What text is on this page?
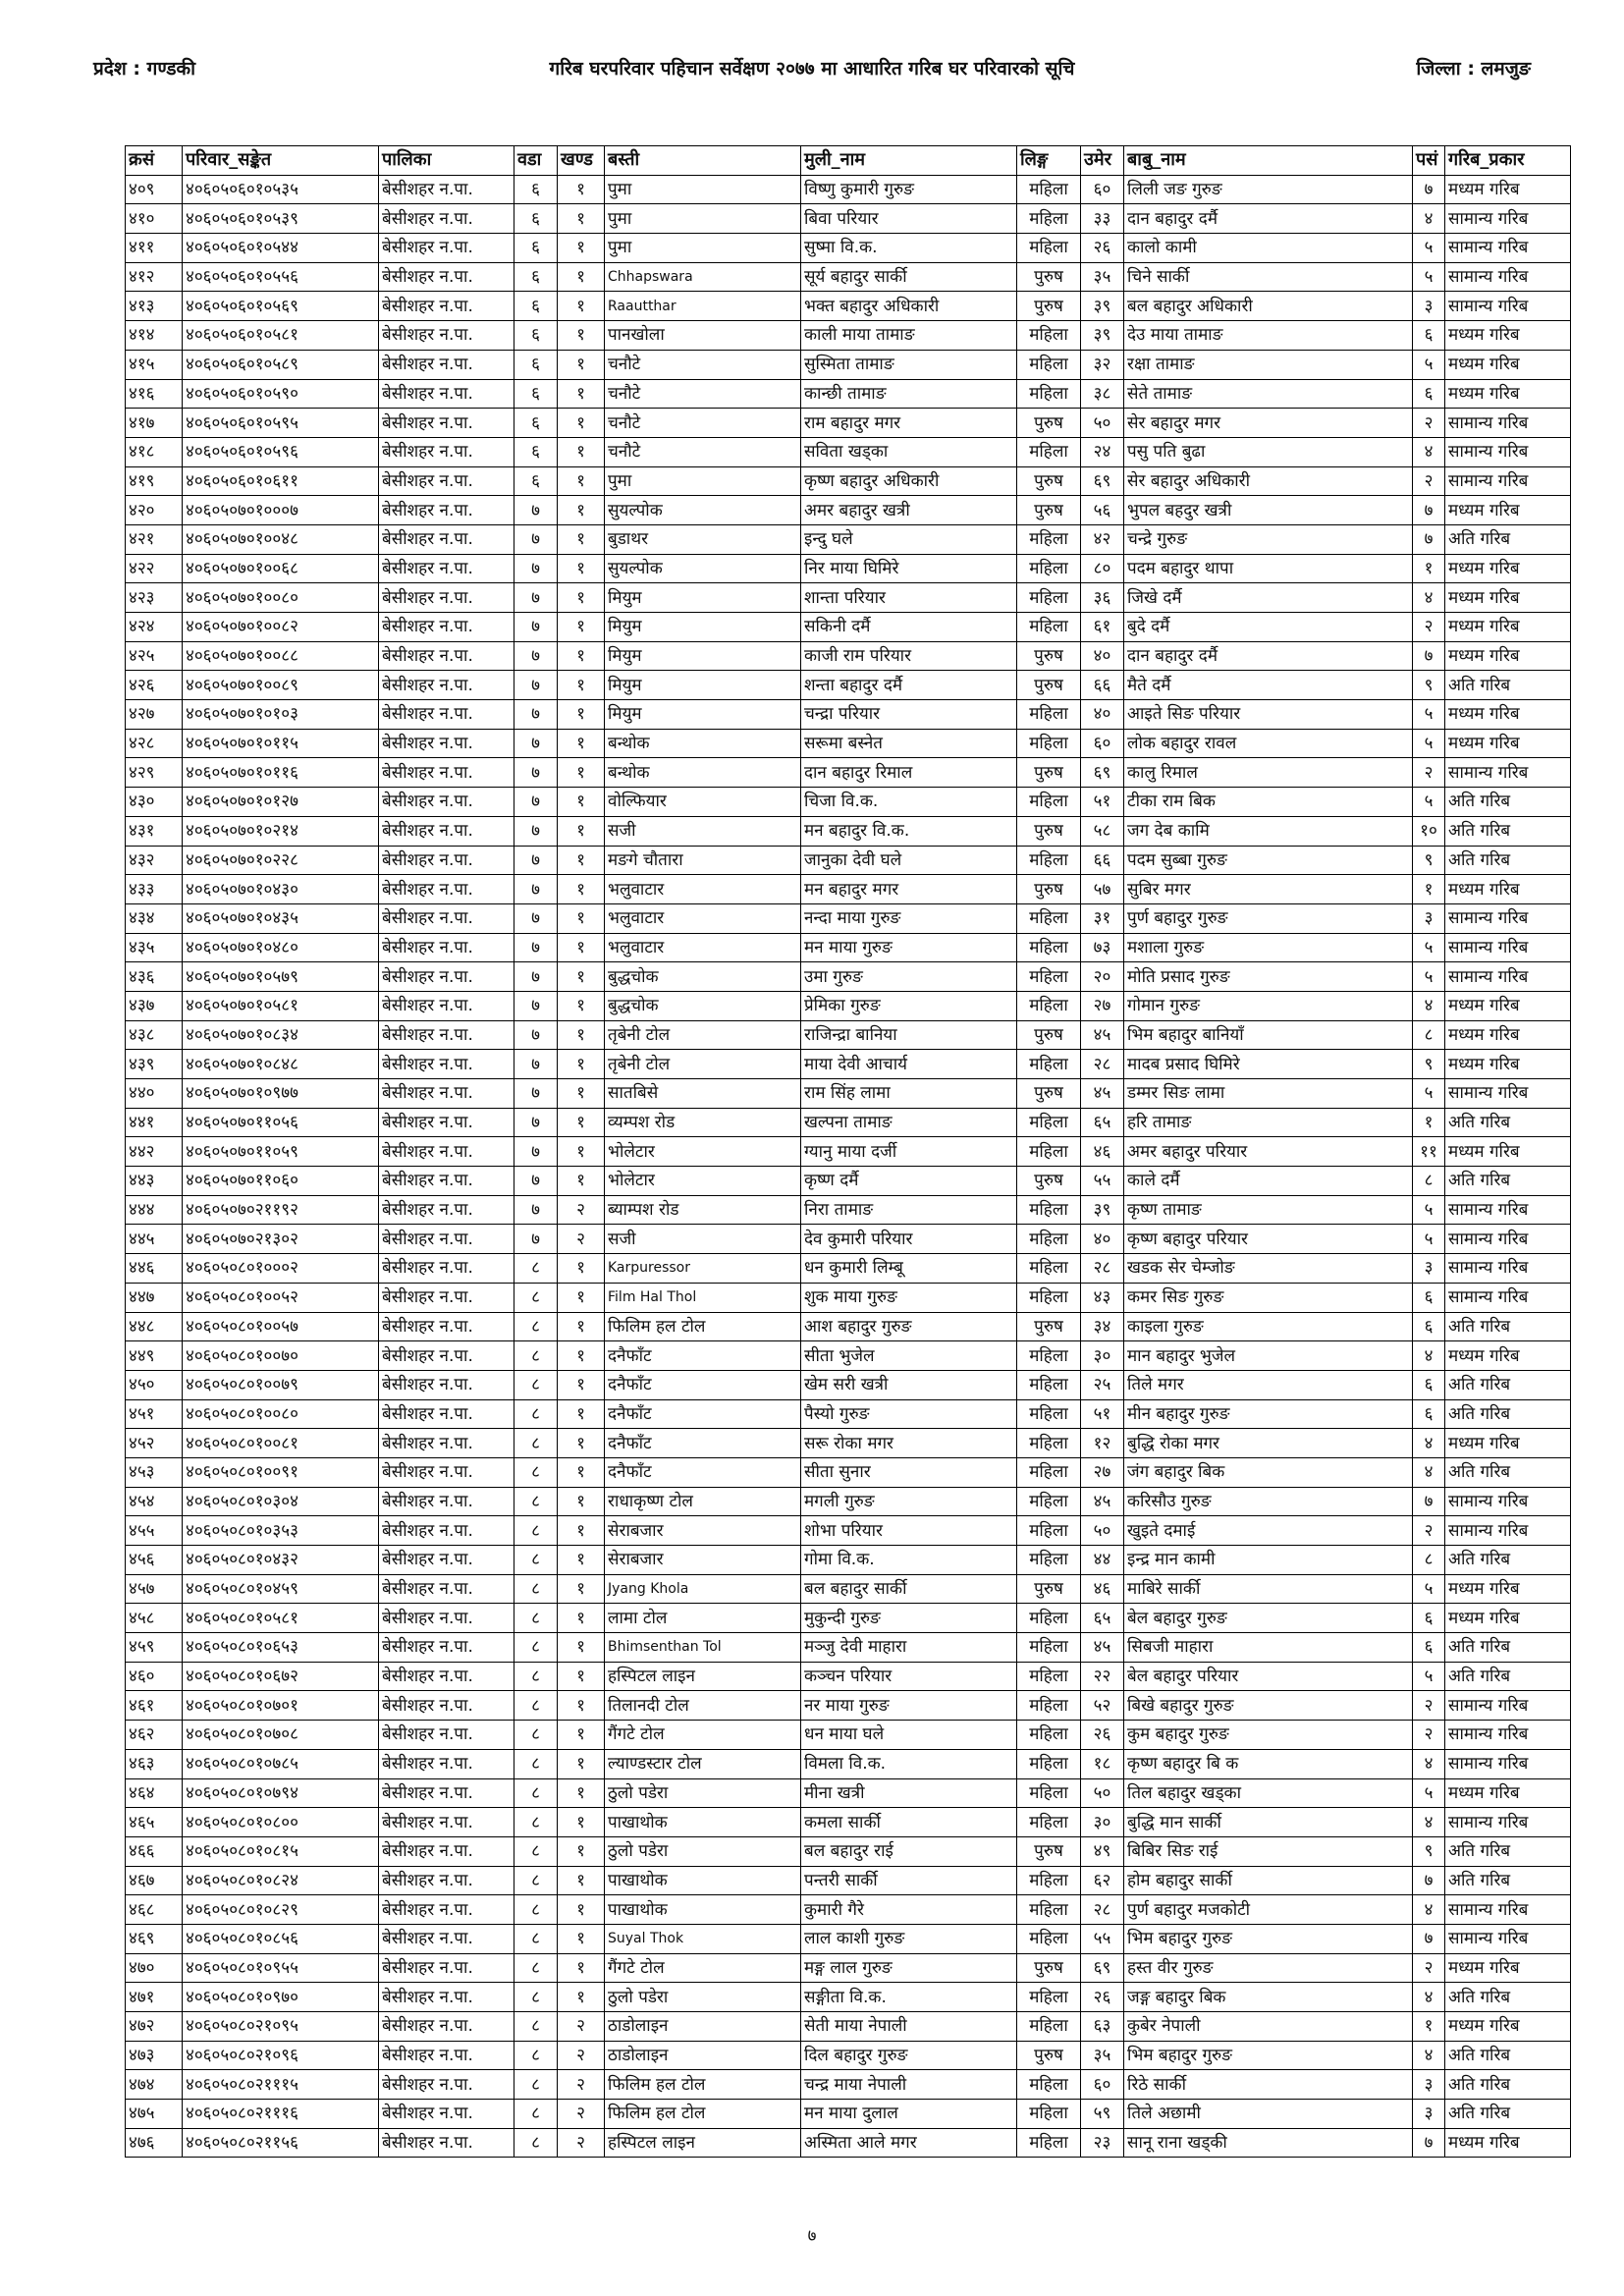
प्रदेश : गण्डकी	गरिब घरपरिवार पहिचान सर्वेक्षण २०७७ मा आधारित गरिब घर परिवारको सूचि	जिल्ला : लमजुङ
क्रसं	परिवार_सङ्केत	पालिका	वडा	खण्ड	बस्ती	मुली_नाम	लिङ्ग	उमेर	बाबु_नाम	पसं	गरिब_प्रकार
४०९	४०६०५०६०१०५३५	बेसीशहर न.पा.	६	१	पुमा	विष्णु कुमारी गुरुङ	महिला	६०	लिली जङ गुरुङ	७	मध्यम गरिब
४१०	४०६०५०६०१०५३९	बेसीशहर न.पा.	६	१	पुमा	बिवा परियार	महिला	३३	दान बहादुर दर्मै	४	सामान्य गरिब
४११	४०६०५०६०१०५४४	बेसीशहर न.पा.	६	१	पुमा	सुष्मा वि.क.	महिला	२६	कालो कामी	५	सामान्य गरिब
४१२	४०६०५०६०१०५५६	बेसीशहर न.पा.	६	१	Chhapswara	सूर्य बहादुर सार्की	पुरुष	३५	चिने सार्की	५	सामान्य गरिब
४१३	४०६०५०६०१०५६९	बेसीशहर न.पा.	६	१	Raautthar	भक्त बहादुर अधिकारी	पुरुष	३९	बल बहादुर अधिकारी	३	सामान्य गरिब
४१४	४०६०५०६०१०५८१	बेसीशहर न.पा.	६	१	पानखोला	काली माया तामाङ	महिला	३९	देउ माया तामाङ	६	मध्यम गरिब
४१५	४०६०५०६०१०५८९	बेसीशहर न.पा.	६	१	चनौटे	सुस्मिता तामाङ	महिला	३२	रक्षा तामाङ	५	मध्यम गरिब
४१६	४०६०५०६०१०५९०	बेसीशहर न.पा.	६	१	चनौटे	कान्छी तामाङ	महिला	३८	सेते तामाङ	६	मध्यम गरिब
४१७	४०६०५०६०१०५९५	बेसीशहर न.पा.	६	१	चनौटे	राम बहादुर मगर	पुरुष	५०	सेर बहादुर मगर	२	सामान्य गरिब
४१८	४०६०५०६०१०५९६	बेसीशहर न.पा.	६	१	चनौटे	सविता खड्का	महिला	२४	पसु पति बुढा	४	सामान्य गरिब
४१९	४०६०५०६०१०६११	बेसीशहर न.पा.	६	१	पुमा	कृष्ण बहादुर अधिकारी	पुरुष	६९	सेर बहादुर अधिकारी	२	सामान्य गरिब
४२०	४०६०५०७०१०००७	बेसीशहर न.पा.	७	१	सुयल्पोक	अमर बहादुर खत्री	पुरुष	५६	भुपल बहदुर खत्री	७	मध्यम गरिब
४२१	४०६०५०७०१००४८	बेसीशहर न.पा.	७	१	बुडाथर	इन्दु घले	महिला	४२	चन्द्रे गुरुङ	७	अति गरिब
४२२	४०६०५०७०१००६८	बेसीशहर न.पा.	७	१	सुयल्पोक	निर माया घिमिरे	महिला	८०	पदम बहादुर थापा	१	मध्यम गरिब
४२३	४०६०५०७०१००८०	बेसीशहर न.पा.	७	१	मियुम	शान्ता परियार	महिला	३६	जिखे दर्मै	४	मध्यम गरिब
४२४	४०६०५०७०१००८२	बेसीशहर न.पा.	७	१	मियुम	सकिनी दर्मै	महिला	६१	बुदे दर्मै	२	मध्यम गरिब
४२५	४०६०५०७०१००८८	बेसीशहर न.पा.	७	१	मियुम	काजी राम परियार	पुरुष	४०	दान बहादुर दर्मै	७	मध्यम गरिब
४२६	४०६०५०७०१००८९	बेसीशहर न.पा.	७	१	मियुम	शन्ता बहादुर दर्मै	पुरुष	६६	मैते दर्मै	९	अति गरिब
४२७	४०६०५०७०१०१०३	बेसीशहर न.पा.	७	१	मियुम	चन्द्रा परियार	महिला	४०	आइते सिङ परियार	५	मध्यम गरिब
४२८	४०६०५०७०१०११५	बेसीशहर न.पा.	७	१	बन्थोक	सरूमा बस्नेत	महिला	६०	लोक बहादुर रावल	५	मध्यम गरिब
४२९	४०६०५०७०१०११६	बेसीशहर न.पा.	७	१	बन्थोक	दान बहादुर रिमाल	पुरुष	६९	कालु रिमाल	२	सामान्य गरिब
४३०	४०६०५०७०१०१२७	बेसीशहर न.पा.	७	१	वोल्फियार	चिजा वि.क.	महिला	५१	टीका राम बिक	५	अति गरिब
४३१	४०६०५०७०१०२१४	बेसीशहर न.पा.	७	१	सजी	मन बहादुर वि.क.	पुरुष	५८	जग देब कामि	१०	अति गरिब
४३२	४०६०५०७०१०२२८	बेसीशहर न.पा.	७	१	मङगे चौतारा	जानुका देवी घले	महिला	६६	पदम सुब्बा गुरुङ	९	अति गरिब
४३३	४०६०५०७०१०४३०	बेसीशहर न.पा.	७	१	भलुवाटार	मन बहादुर मगर	पुरुष	५७	सुबिर मगर	१	मध्यम गरिब
४३४	४०६०५०७०१०४३५	बेसीशहर न.पा.	७	१	भलुवाटार	नन्दा माया गुरुङ	महिला	३१	पुर्ण बहादुर गुरुङ	३	सामान्य गरिब
४३५	४०६०५०७०१०४८०	बेसीशहर न.पा.	७	१	भलुवाटार	मन माया गुरुङ	महिला	७३	मशाला गुरुङ	५	सामान्य गरिब
४३६	४०६०५०७०१०५७९	बेसीशहर न.पा.	७	१	बुद्धचोक	उमा गुरुङ	महिला	२०	मोति प्रसाद गुरुङ	५	सामान्य गरिब
४३७	४०६०५०७०१०५८१	बेसीशहर न.पा.	७	१	बुद्धचोक	प्रेमिका गुरुङ	महिला	२७	गोमान गुरुङ	४	मध्यम गरिब
४३८	४०६०५०७०१०८३४	बेसीशहर न.पा.	७	१	तृबेनी टोल	राजिन्द्रा बानिया	पुरुष	४५	भिम बहादुर बानियाँ	८	मध्यम गरिब
४३९	४०६०५०७०१०८४८	बेसीशहर न.पा.	७	१	तृबेनी टोल	माया देवी आचार्य	महिला	२८	मादब प्रसाद घिमिरे	९	मध्यम गरिब
४४०	४०६०५०७०१०९७७	बेसीशहर न.पा.	७	१	सातबिसे	राम सिंह लामा	पुरुष	४५	डम्मर सिङ लामा	५	सामान्य गरिब
४४१	४०६०५०७०११०५६	बेसीशहर न.पा.	७	१	व्यम्पश रोड	खल्पना तामाङ	महिला	६५	हरि तामाङ	१	अति गरिब
४४२	४०६०५०७०११०५९	बेसीशहर न.पा.	७	१	भोलेटार	ग्यानु माया दर्जी	महिला	४६	अमर बहादुर परियार	११	मध्यम गरिब
४४३	४०६०५०७०११०६०	बेसीशहर न.पा.	७	१	भोलेटार	कृष्ण दर्मै	पुरुष	५५	काले दर्मै	८	अति गरिब
४४४	४०६०५०७०२११९२	बेसीशहर न.पा.	७	२	ब्याम्पश रोड	निरा तामाङ	महिला	३९	कृष्ण तामाङ	५	सामान्य गरिब
४४५	४०६०५०७०२१३०२	बेसीशहर न.पा.	७	२	सजी	देव कुमारी परियार	महिला	४०	कृष्ण बहादुर परियार	५	सामान्य गरिब
४४६	४०६०५०८०१०००२	बेसीशहर न.पा.	८	१	Karpuressor	धन कुमारी लिम्बू	महिला	२८	खडक सेर चेम्जोङ	३	सामान्य गरिब
४४७	४०६०५०८०१००५२	बेसीशहर न.पा.	८	१	Film Hal Thol	शुक माया गुरुङ	महिला	४३	कमर सिङ गुरुङ	६	सामान्य गरिब
४४८	४०६०५०८०१००५७	बेसीशहर न.पा.	८	१	फिलिम हल टोल	आश बहादुर गुरुङ	पुरुष	३४	काइला गुरुङ	६	अति गरिब
४४९	४०६०५०८०१००७०	बेसीशहर न.पा.	८	१	दनैफाँट	सीता भुजेल	महिला	३०	मान बहादुर भुजेल	४	मध्यम गरिब
४५०	४०६०५०८०१००७९	बेसीशहर न.पा.	८	१	दनैफाँट	खेम सरी खत्री	महिला	२५	तिले मगर	६	अति गरिब
४५१	४०६०५०८०१००८०	बेसीशहर न.पा.	८	१	दनैफाँट	पैस्यो गुरुङ	महिला	५१	मीन बहादुर गुरुङ	६	अति गरिब
४५२	४०६०५०८०१००८१	बेसीशहर न.पा.	८	१	दनैफाँट	सरू रोका मगर	महिला	१२	बुद्धि रोका मगर	४	मध्यम गरिब
४५३	४०६०५०८०१००९१	बेसीशहर न.पा.	८	१	दनैफाँट	सीता सुनार	महिला	२७	जंग बहादुर बिक	४	अति गरिब
४५४	४०६०५०८०१०३०४	बेसीशहर न.पा.	८	१	राधाकृष्ण टोल	मगली गुरुङ	महिला	४५	करिसौउ गुरुङ	७	सामान्य गरिब
४५५	४०६०५०८०१०३५३	बेसीशहर न.पा.	८	१	सेराबजार	शोभा परियार	महिला	५०	खुइते दमाई	२	सामान्य गरिब
४५६	४०६०५०८०१०४३२	बेसीशहर न.पा.	८	१	सेराबजार	गोमा वि.क.	महिला	४४	इन्द्र मान कामी	८	अति गरिब
४५७	४०६०५०८०१०४५९	बेसीशहर न.पा.	८	१	Jyang Khola	बल बहादुर सार्की	पुरुष	४६	माबिरे सार्की	५	मध्यम गरिब
४५८	४०६०५०८०१०५८१	बेसीशहर न.पा.	८	१	लामा टोल	मुकुन्दी गुरुङ	महिला	६५	बेल बहादुर गुरुङ	६	मध्यम गरिब
४५९	४०६०५०८०१०६५३	बेसीशहर न.पा.	८	१	Bhimsenthan Tol	मञ्जु देवी माहारा	महिला	४५	सिबजी माहारा	६	अति गरिब
४६०	४०६०५०८०१०६७२	बेसीशहर न.पा.	८	१	हस्पिटल लाइन	कञ्चन परियार	महिला	२२	बेल बहादुर परियार	५	अति गरिब
४६१	४०६०५०८०१०७०१	बेसीशहर न.पा.	८	१	तिलानदी टोल	नर माया गुरुङ	महिला	५२	बिखे बहादुर गुरुङ	२	सामान्य गरिब
४६२	४०६०५०८०१०७०८	बेसीशहर न.पा.	८	१	गैंगटे टोल	धन माया घले	महिला	२६	कुम बहादुर गुरुङ	२	सामान्य गरिब
४६३	४०६०५०८०१०७८५	बेसीशहर न.पा.	८	१	ल्याण्डस्टार टोल	विमला वि.क.	महिला	१८	कृष्ण बहादुर बि क	४	सामान्य गरिब
४६४	४०६०५०८०१०७९४	बेसीशहर न.पा.	८	१	ठुलो पडेरा	मीना खत्री	महिला	५०	तिल बहादुर खड्का	५	मध्यम गरिब
४६५	४०६०५०८०१०८००	बेसीशहर न.पा.	८	१	पाखाथोक	कमला सार्की	महिला	३०	बुद्धि मान सार्की	४	सामान्य गरिब
४६६	४०६०५०८०१०८१५	बेसीशहर न.पा.	८	१	ठुलो पडेरा	बल बहादुर राई	पुरुष	४९	बिबिर सिङ राई	९	अति गरिब
४६७	४०६०५०८०१०८२४	बेसीशहर न.पा.	८	१	पाखाथोक	पन्तरी सार्की	महिला	६२	होम बहादुर सार्की	७	अति गरिब
४६८	४०६०५०८०१०८२९	बेसीशहर न.पा.	८	१	पाखाथोक	कुमारी गैरे	महिला	२८	पुर्ण बहादुर मजकोटी	४	सामान्य गरिब
४६९	४०६०५०८०१०८५६	बेसीशहर न.पा.	८	१	Suyal Thok	लाल काशी गुरुङ	महिला	५५	भिम बहादुर गुरुङ	७	सामान्य गरिब
४७०	४०६०५०८०१०९५५	बेसीशहर न.पा.	८	१	गैंगटे टोल	मङ्ग लाल गुरुङ	पुरुष	६९	हस्त वीर गुरुङ	२	मध्यम गरिब
४७१	४०६०५०८०१०९७०	बेसीशहर न.पा.	८	१	ठुलो पडेरा	सङ्गीता वि.क.	महिला	२६	जङ्ग बहादुर बिक	४	अति गरिब
४७२	४०६०५०८०२१०९५	बेसीशहर न.पा.	८	२	ठाडोलाइन	सेती माया नेपाली	महिला	६३	कुबेर नेपाली	१	मध्यम गरिब
४७३	४०६०५०८०२१०९६	बेसीशहर न.पा.	८	२	ठाडोलाइन	दिल बहादुर गुरुङ	पुरुष	३५	भिम बहादुर गुरुङ	४	अति गरिब
४७४	४०६०५०८०२१११५	बेसीशहर न.पा.	८	२	फिलिम हल टोल	चन्द्र माया नेपाली	महिला	६०	रिठे सार्की	३	अति गरिब
४७५	४०६०५०८०२१११६	बेसीशहर न.पा.	८	२	फिलिम हल टोल	मन माया दुलाल	महिला	५९	तिले अछामी	३	अति गरिब
४७६	४०६०५०८०२११५६	बेसीशहर न.पा.	८	२	हस्पिटल लाइन	अस्मिता आले मगर	महिला	२३	सानू राना खड्की	७	मध्यम गरिब
७
